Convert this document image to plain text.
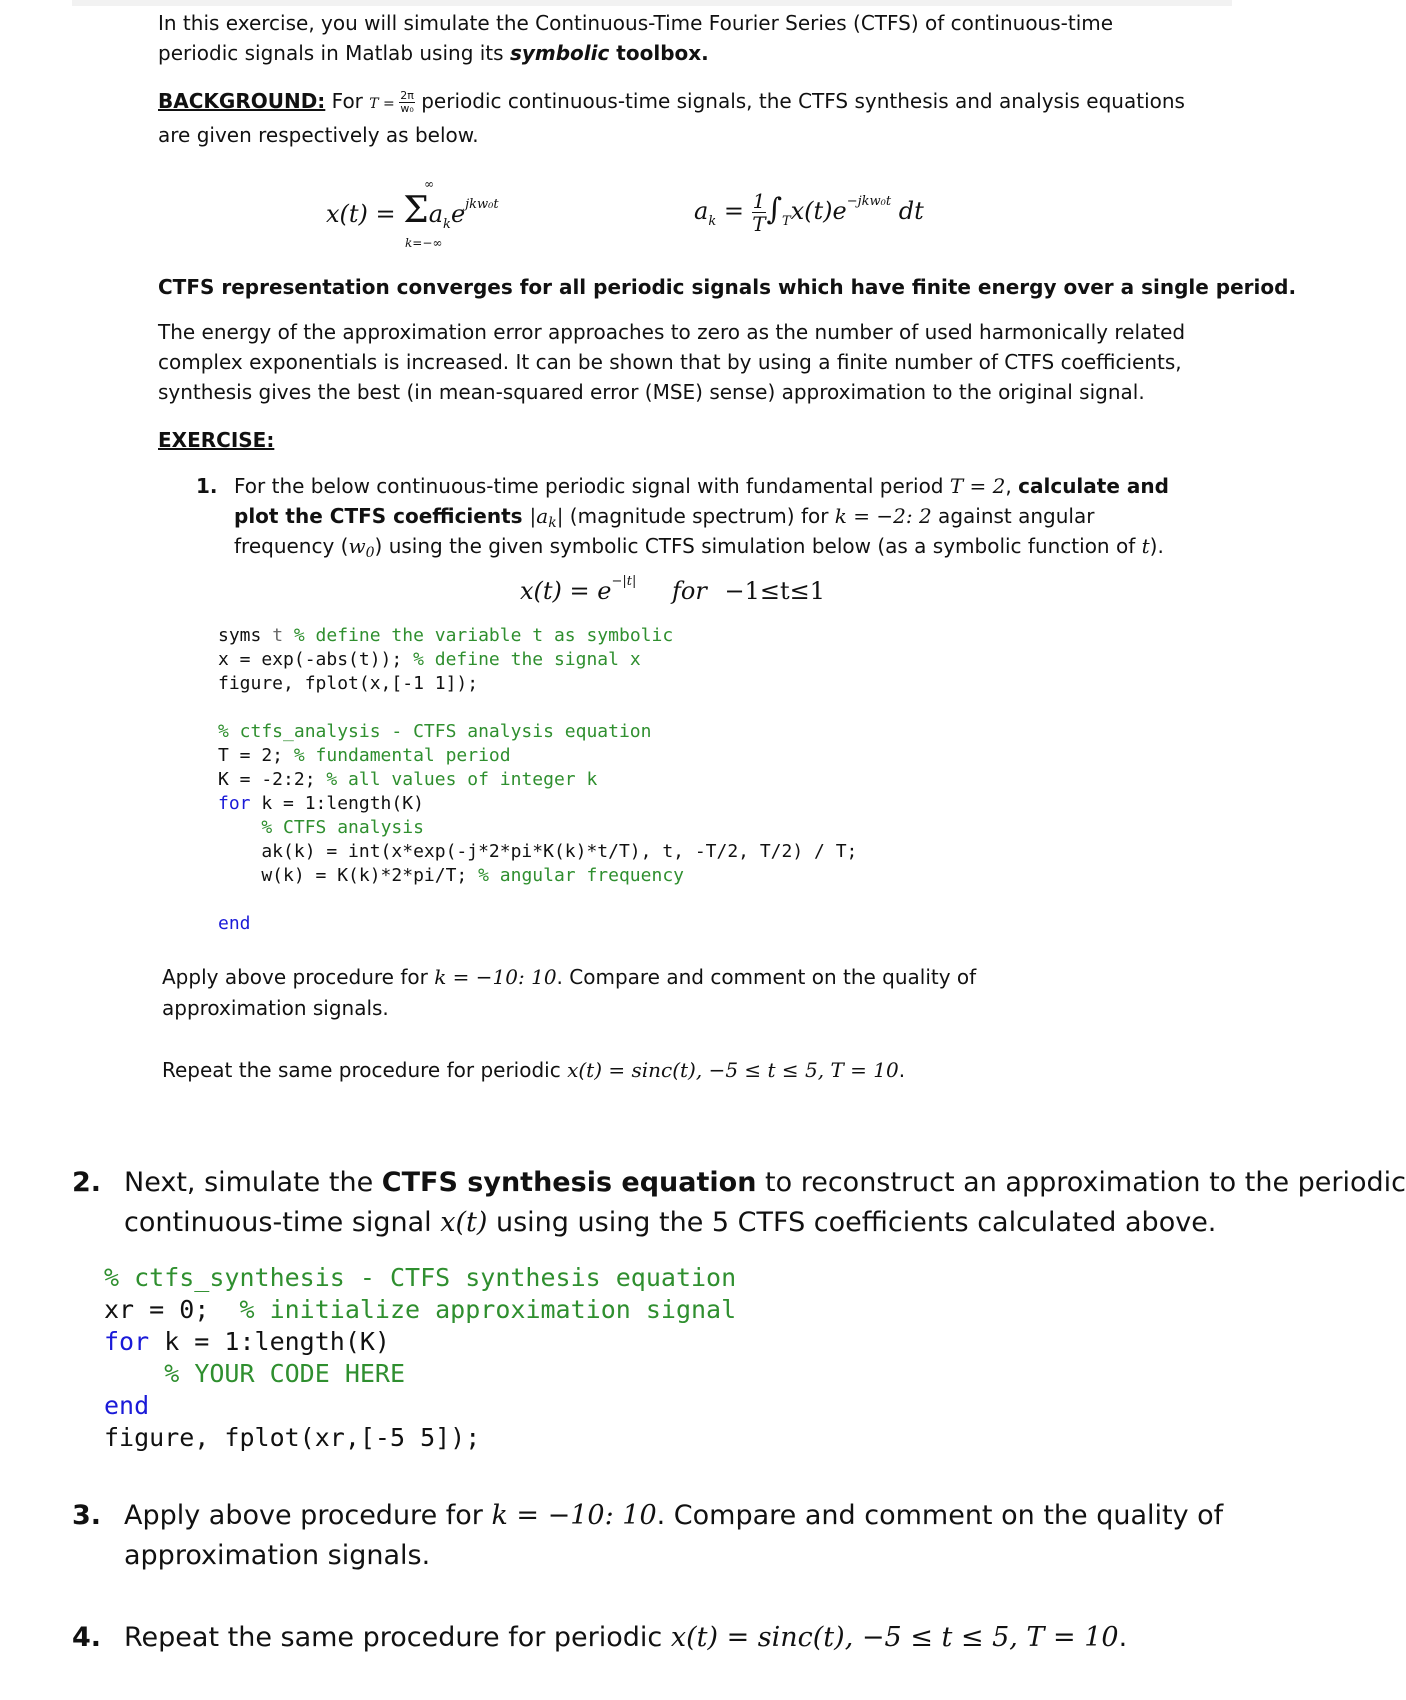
In this exercise, you will simulate the Continuous-Time Fourier Series (CTFS) of continuous-time
periodic signals in Matlab using its symbolic toolbox.
BACKGROUND: For $T = \frac{2\pi}{\text{w₀}}$ periodic continuous-time signals, the CTFS synthesis and analysis equations
are given respectively as below.
$x(t) = \Sigma a_ke^{jkw_0t}$
∞
k=−∞
$a_k = \frac{1}{T} \int_Tx(t)e^{-jkw_0t}$ dt
CTFS representation converges for all periodic signals which have finite energy over a single period.
The energy of the approximation error approaches to zero as the number of used harmonically related
complex exponentials is increased. It can be shown that by using a finite number of CTFS coefficients,
synthesis gives the best (in mean-squared error (MSE) sense) approximation to the original signal.
EXERCISE:
1. For the below continuous-time periodic signal with fundamental period T = 2, calculate and
plot the CTFS coefficients $|a_k|$ (magnitude spectrum) for k = −2: 2 against angular
frequency $(w_0)$ using the given symbolic CTFS simulation below (as a symbolic function of t).
$x(t) = e^{-|t|}$ for −1≤t≤1
syms t % define the variable t as symbolic
x = exp(-abs(t)); % define the signal x
figure, fplot(x,[-1 1]);

% ctfs_analysis - CTFS analysis equation
T = 2; % fundamental period
K = -2:2; % all values of integer k
for k = 1:length(K)
% CTFS analysis
ak(k) = int(x*exp(-j*2*pi*K(k)*t/T), t, -T/2, T/2) / T;
w(k) = K(k)*2*pi/T; % angular frequency

end
Apply above procedure for k = −10: 10. Compare and comment on the quality of
approximation signals.
Repeat the same procedure for periodic x(t) = sinc(t), −5 ≤ t ≤ 5, T = 10.
2. Next, simulate the CTFS synthesis equation to reconstruct an approximation to the periodic
continuous-time signal x(t) using using the 5 CTFS coefficients calculated above.
% ctfs_synthesis - CTFS synthesis equation
xr = 0;  % initialize approximation signal
for k = 1:length(K)
% YOUR CODE HERE
end
figure, fplot(xr,[-5 5]);
3. Apply above procedure for k = −10: 10. Compare and comment on the quality of
approximation signals.
4. Repeat the same procedure for periodic x(t) = sinc(t), −5 ≤ t ≤ 5, T = 10.
